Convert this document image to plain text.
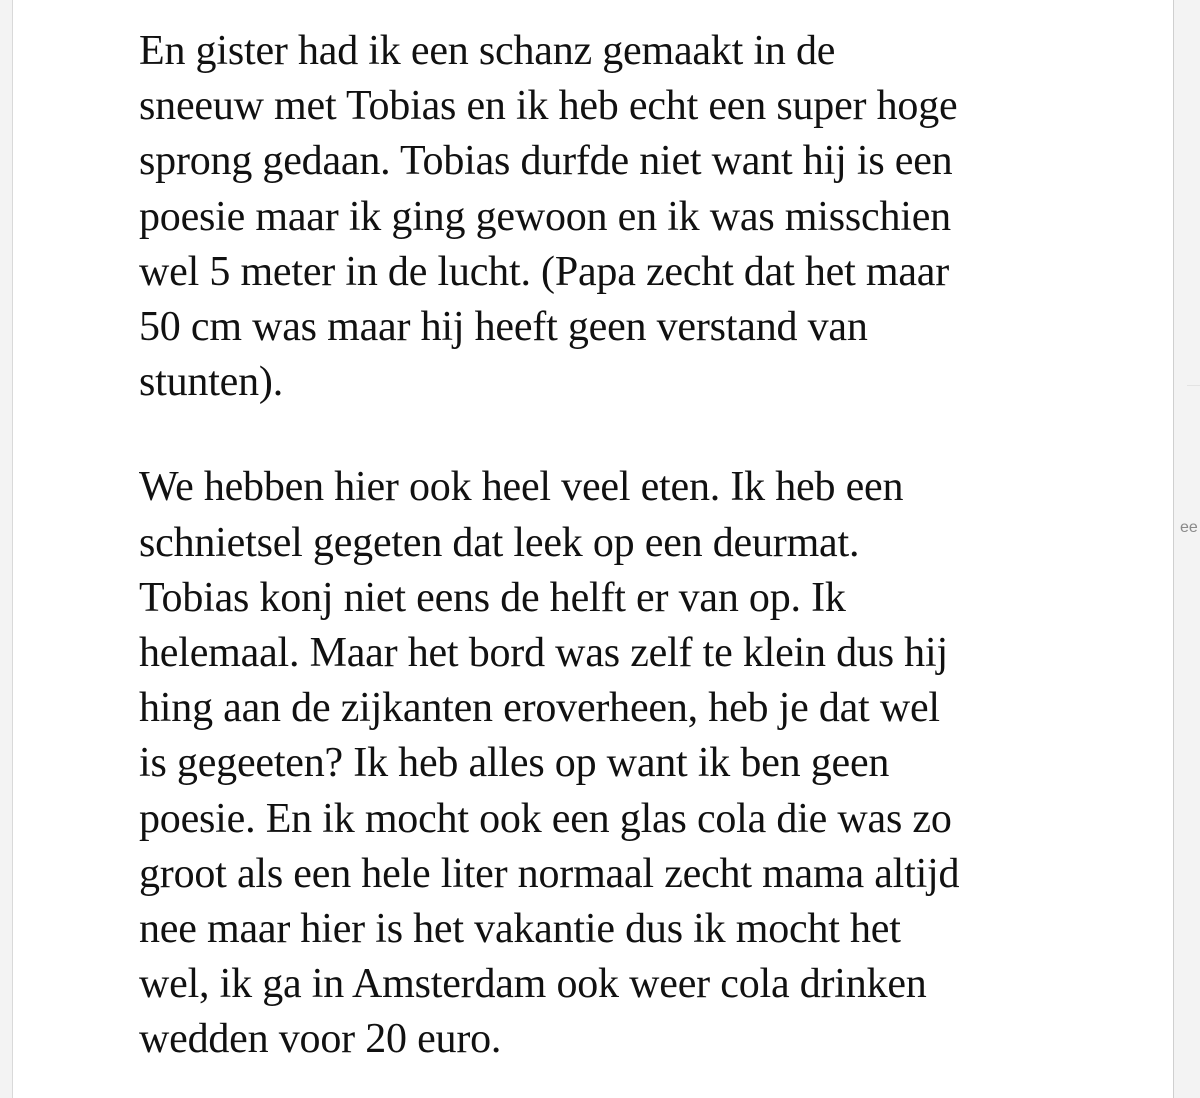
En gister had ik een schanz gemaakt in de
sneeuw met Tobias en ik heb echt een super hoge
sprong gedaan. Tobias durfde niet want hij is een
poesie maar ik ging gewoon en ik was misschien
wel 5 meter in de lucht. (Papa zecht dat het maar
50 cm was maar hij heeft geen verstand van
stunten).

We hebben hier ook heel veel eten. Ik heb een
schnietsel gegeten dat leek op een deurmat.
Tobias konj niet eens de helft er van op. Ik
helemaal. Maar het bord was zelf te klein dus hij
hing aan de zijkanten eroverheen, heb je dat wel
is gegeeten? Ik heb alles op want ik ben geen
poesie. En ik mocht ook een glas cola die was zo
groot als een hele liter normaal zecht mama altijd
nee maar hier is het vakantie dus ik mocht het
wel, ik ga in Amsterdam ook weer cola drinken
wedden voor 20 euro.

ee
